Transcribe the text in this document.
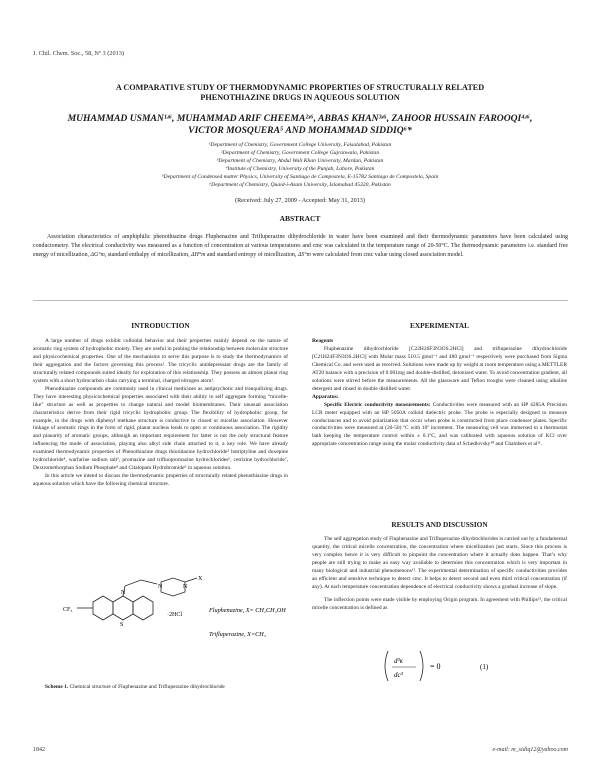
J. Chil. Chem. Soc., 58, Nº 3 (2013)
A COMPARATIVE STUDY OF THERMODYNAMIC PROPERTIES OF STRUCTURALLY RELATED
PHENOTHIAZINE DRUGS IN AQUEOUS SOLUTION
MUHAMMAD USMAN¹ʴ⁶, MUHAMMAD ARIF CHEEMA²ʴ⁶, ABBAS KHAN³ʴ⁶, ZAHOOR HUSSAIN FAROOQI⁴ʴ⁶,
VICTOR MOSQUERA⁵ AND MOHAMMAD SIDDIQ⁶*
¹Department of Chemistry, Government College University, Faisalabad, Pakistan
²Department of Chemistry, Government College Gujranwala, Pakistan
³Department of Chemistry, Abdul Wali Khan University, Mardan, Pakistan
⁴Institute of Chemistry, University of the Punjab, Lahore, Pakistan
⁵Department of Condensed matter Physics, University of Santiago de Compostela, E-15782 Santiago de Compostela, Spain
⁶Department of Chemistry, Quaid-i-Azam University, Islamabad 45320, Pakistan
(Received: July 27, 2009 - Accepted: May 31, 2013)
ABSTRACT
Association characteristics of amphiphilic phenothiazine drugs Fluphenazine and Trifluperazine dihydrochloride in water have been examined and their thermodynamic parameters have been calculated using conductometry. The electrical conductivity was measured as a function of concentration at various temperatures and cmc was calculated in the temperature range of 20-50°C. The thermodynamic parameters i.e. standard free energy of micellization, ΔG°m, standard enthalpy of micellization, ΔH°m and standard entropy of micellization, ΔS°m were calculated from cmc value using closed association model.
INTRODUCTION

A large number of drugs exhibit colloidal behavior and their properties mainly depend on the nature of aromatic ring system of hydrophobic moiety. They are useful in probing the relationship between molecular structure and physicochemical properties. One of the mechanisms to serve this purpose is to study the thermodynamics of their aggregation and the factors governing this process¹. The tricyclic antidepressant drugs are the family of structurally related compounds suited ideally for exploration of this relationship. They possess an almost planar ring system with a short hydrocarbon chain carrying a terminal, charged nitrogen atom².

Phenothiazine compounds are commonly used in clinical medicines as antipsychotic and tranquilizing drugs. They have interesting physicochemical properties associated with their ability to self aggregate forming “micelle-like” structure as well as properties to change natural and model biomembranes. Their unusual association characteristics derive from their rigid tricyclic hydrophobic group. The flexibility of hydrophobic group, for example, in the drugs with diphenyl methane structure is conductive to closed or micellar association. However linkage of aromatic rings in the form of rigid, planar nucleus lends to open or continuous association. The rigidity and planarity of aromatic groups, although an important requirement for latter is not the only structural feature influencing the mode of association, playing also alkyl side chain attached to it, a key role. We have already examined thermodynamic properties of Phenothiazine drugs thioridazine hydrochloride³ butriptyline and doxepine hydrochloride⁴, warfarine sodium salt⁵, promazine and trifluopromazine hydrochlorides⁶, cetrizine hydrochloride⁷, Dextromethorphan Sodium Phosphate⁸ and Citalopam Hydrobromide⁹ in aqueous solution.

In this article we intend to discuss the thermodynamic properties of structurally related phenothiazine drugs in aqueous solution which have the following chemical structure.

CF₃
S
N
N	N
X
·2HCl
Fluphenazine, X= CH₂CH₂OH
Trifluperazine, X=CH₃

Scheme 1. Chemical structure of Fluphenazine and Trifluperazine dihydrochloride

EXPERIMENTAL

Reagents

Fluphenazine dihydrochloride [C22H26F3N3OS.2HCl] and trifluperazine dihydrochloride [C21H24F3N3OS.2HCl] with Molar mass 510.5 gmol⁻¹ and 480 gmol⁻¹ respectively were purchased from Sigma Chemical Co. and were used as received. Solutions were made up by weight at room temperature using a METTLER AT20 balance with a precision of 0.001mg and double-distilled, deionized water. To avoid concentration gradient, all solutions were stirred before the measurements. All the glassware and Teflon troughs were cleaned using alkaline detergent and rinsed in double distilled water.

Apparatus:

Specific Electric conductivity measurements: Conductivities were measured with an HP 4285A Precision LCR meter equipped with an HP 5050A colloid dielectric probe. The probe is especially designed to measure conductances and to avoid polarization that occur when probe is constructed from place condenser plates. Specific conductivities were measured at (20-50) ºC with 10º increment. The measuring cell was immersed in a thermostat bath keeping the temperature control within ± 0.1ºC, and was calibrated with aqueous solution of KCl over appropriate concentration range using the molar conductivity data of Schedlovsky¹⁰ and Chambers et al¹¹.

RESULTS AND DISCUSSION

The self aggregation study of Fluphenazine and Trifluperazine dihydrochlorides is carried out by a fundamental quantity, the critical micelle concentration, the concentration where micellization just starts. Since this process is very complex hence it is very difficult to pinpoint the concentration where it actually does happen. That’s why people are still trying to make an easy way available to determine this concentration which is very important in many biological and industrial phenomenons¹². The experimental determination of specific conductivities provides an efficient and sensitive technique to detect cmc. It helps to detect second and even third critical concentration (if any). At each temperature concentration dependence of electrical conductivity shows a gradual increase of slope.

The inflection points were made visible by employing Origin program. In agreement with Phillips¹³, the critical micelle concentration is defined as

d³κ
dc³
= 0	(1)
1842	e-mail: m_sidiq12@yahoo.com
